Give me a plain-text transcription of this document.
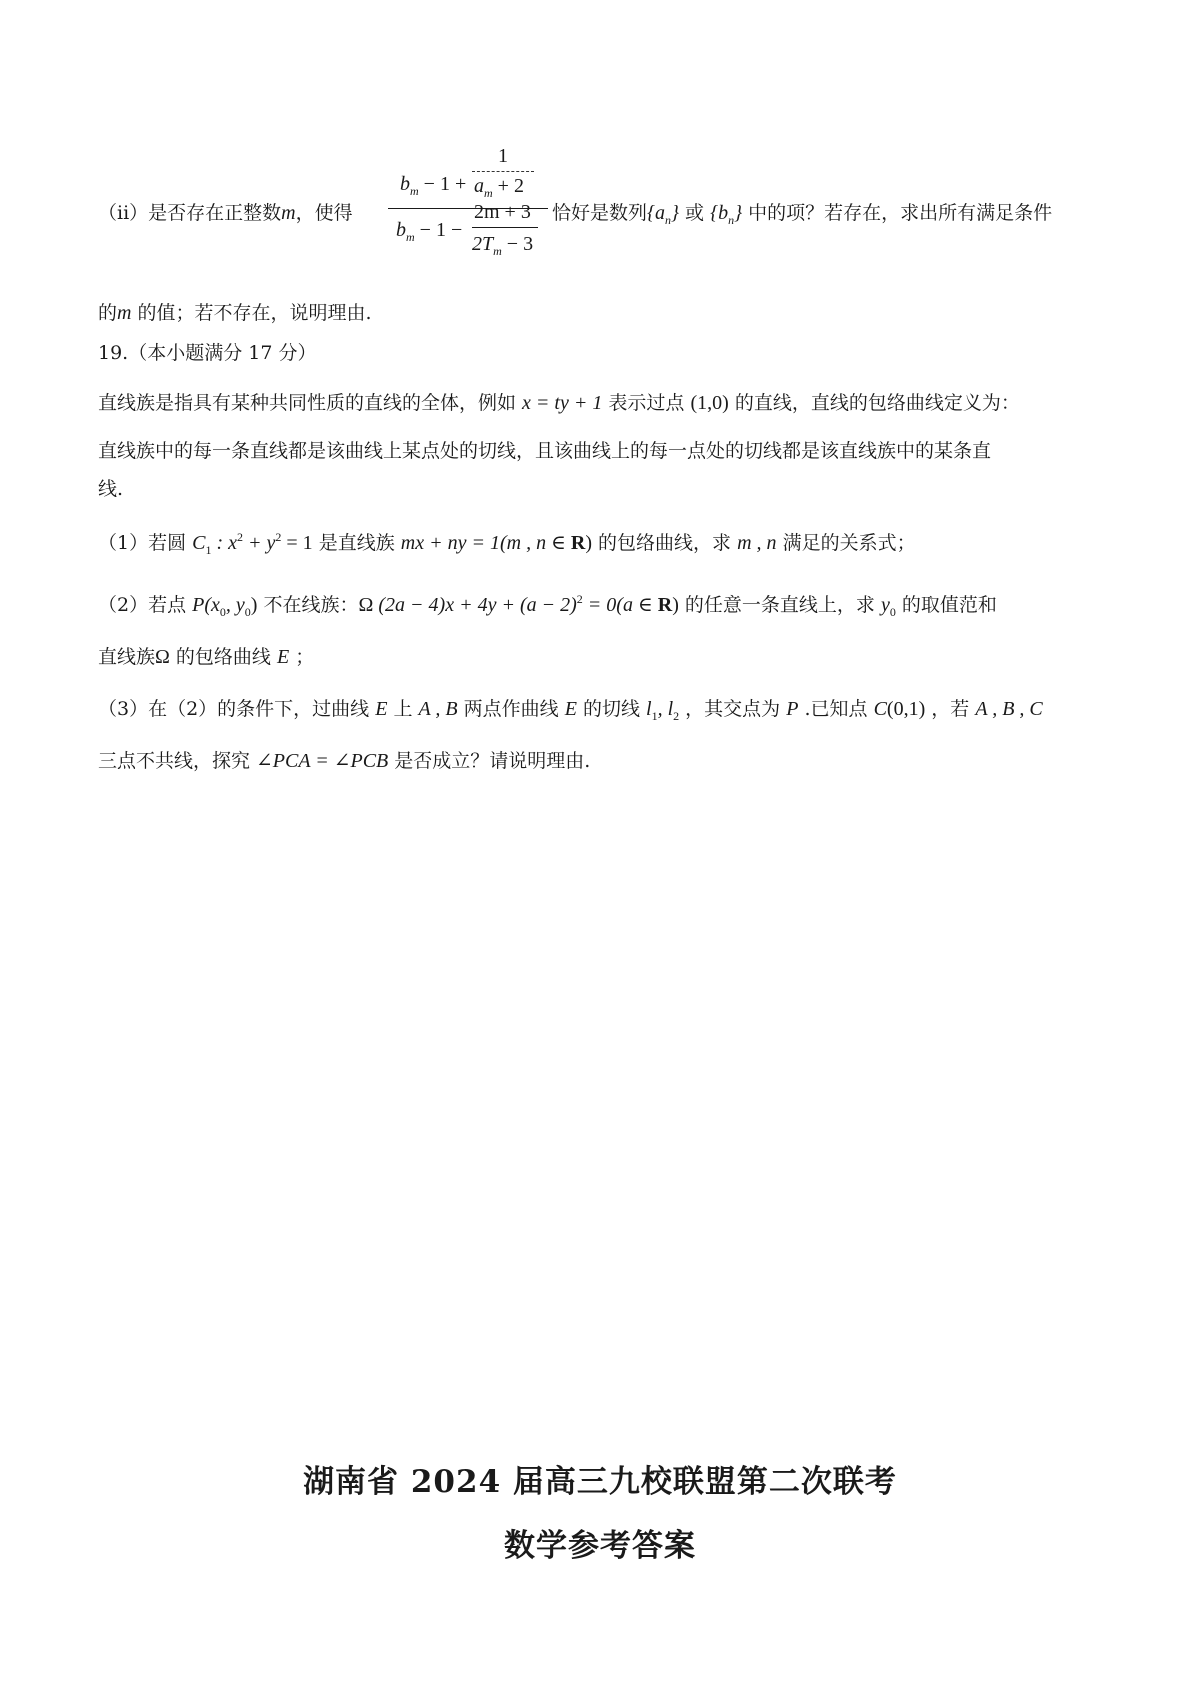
（ii）是否存在正整数m，使得
$b_m - 1$ +
1
$a_m + 2$
$b_m - 1$ −
2m + 3
$2T_m - 3$
恰好是数列$\{a_n\}$ 或 $\{b_n\}$ 中的项？若存在，求出所有满足条件
的m 的值；若不存在，说明理由.
19.（本小题满分 17 分）
直线族是指具有某种共同性质的直线的全体，例如 x = ty + 1 表示过点 (1,0) 的直线，直线的包络曲线定义为：
直线族中的每一条直线都是该曲线上某点处的切线，且该曲线上的每一点处的切线都是该直线族中的某条直
线.
（1）若圆 $C_1$ : $x^2 + y^2 = 1$ 是直线族 mx + ny = 1(m , n ∈ R) 的包络曲线，求 m , n 满足的关系式；
（2）若点 $P(x_0$, $y_0$) 不在线族：Ω $(2a - 4)x + 4y + (a - 2)^2 = 0(a$ ∈ R) 的任意一条直线上，求 $y_0$ 的取值范和
直线族Ω 的包络曲线 E ；
（3）在（2）的条件下，过曲线 E 上 A , B 两点作曲线 E 的切线 $l_1$, $l_2$ ，其交点为 P .已知点 C(0,1) ，若 A , B , C
三点不共线，探究 ∠PCA = ∠PCB 是否成立？请说明理由.
湖南省 2024 届高三九校联盟第二次联考
数学参考答案
